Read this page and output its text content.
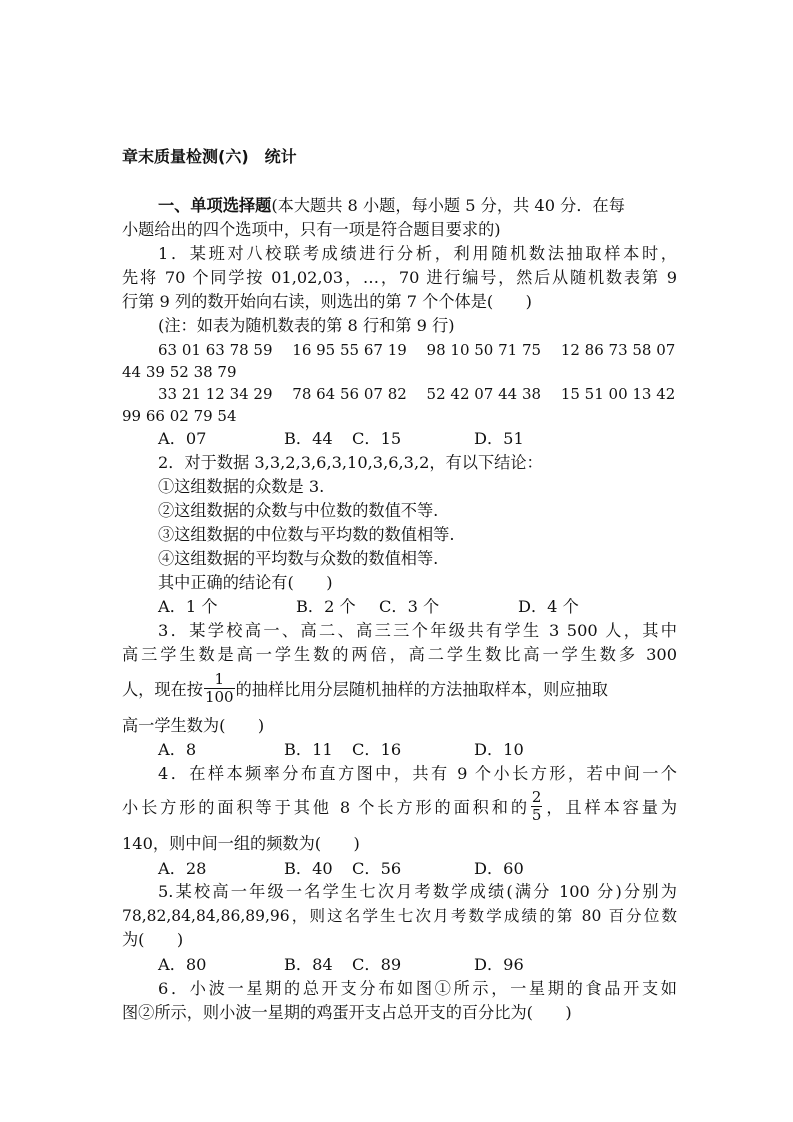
章末质量检测(六)　统计
一、单项选择题(本大题共 8 小题，每小题 5 分，共 40 分．在每
小题给出的四个选项中，只有一项是符合题目要求的)
1．某班对八校联考成绩进行分析，利用随机数法抽取样本时，
先将 70 个同学按 01,02,03，…，70 进行编号，然后从随机数表第 9
行第 9 列的数开始向右读，则选出的第 7 个个体是(　　)
(注：如表为随机数表的第 8 行和第 9 行)
63 01 63 78 59　 16 95 55 67 19　 98 10 50 71 75　 12 86 73 58 07
44 39 52 38 79
33 21 12 34 29　 78 64 56 07 82　 52 42 07 44 38　 15 51 00 13 42
99 66 02 79 54
A．07	B．44 C．15	D．51
2．对于数据 3,3,2,3,6,3,10,3,6,3,2，有以下结论：
①这组数据的众数是 3.
②这组数据的众数与中位数的数值不等.
③这组数据的中位数与平均数的数值相等.
④这组数据的平均数与众数的数值相等.
其中正确的结论有(　　)
A．1 个	B．2 个 C．3 个	D．4 个
3．某学校高一、高二、高三三个年级共有学生 3 500 人，其中
高三学生数是高一学生数的两倍，高二学生数比高一学生数多 300
人，现在按 $\frac{1}{100}$ 的抽样比用分层随机抽样的方法抽取样本，则应抽取
高一学生数为(　　)
A．8	B．11 C．16	D．10
4．在样本频率分布直方图中，共有 9 个小长方形，若中间一个
小长方形的面积等于其他 8 个长方形的面积和的 $\frac{2}{5}$ ，且样本容量为
140，则中间一组的频数为(　　)
A．28	B．40 C．56	D．60
5.某校高一年级一名学生七次月考数学成绩(满分 100 分)分别为
78,82,84,84,86,89,96，则这名学生七次月考数学成绩的第 80 百分位数
为(　　)
A．80	B．84 C．89	D．96
6．小波一星期的总开支分布如图①所示，一星期的食品开支如
图②所示，则小波一星期的鸡蛋开支占总开支的百分比为(　　)
